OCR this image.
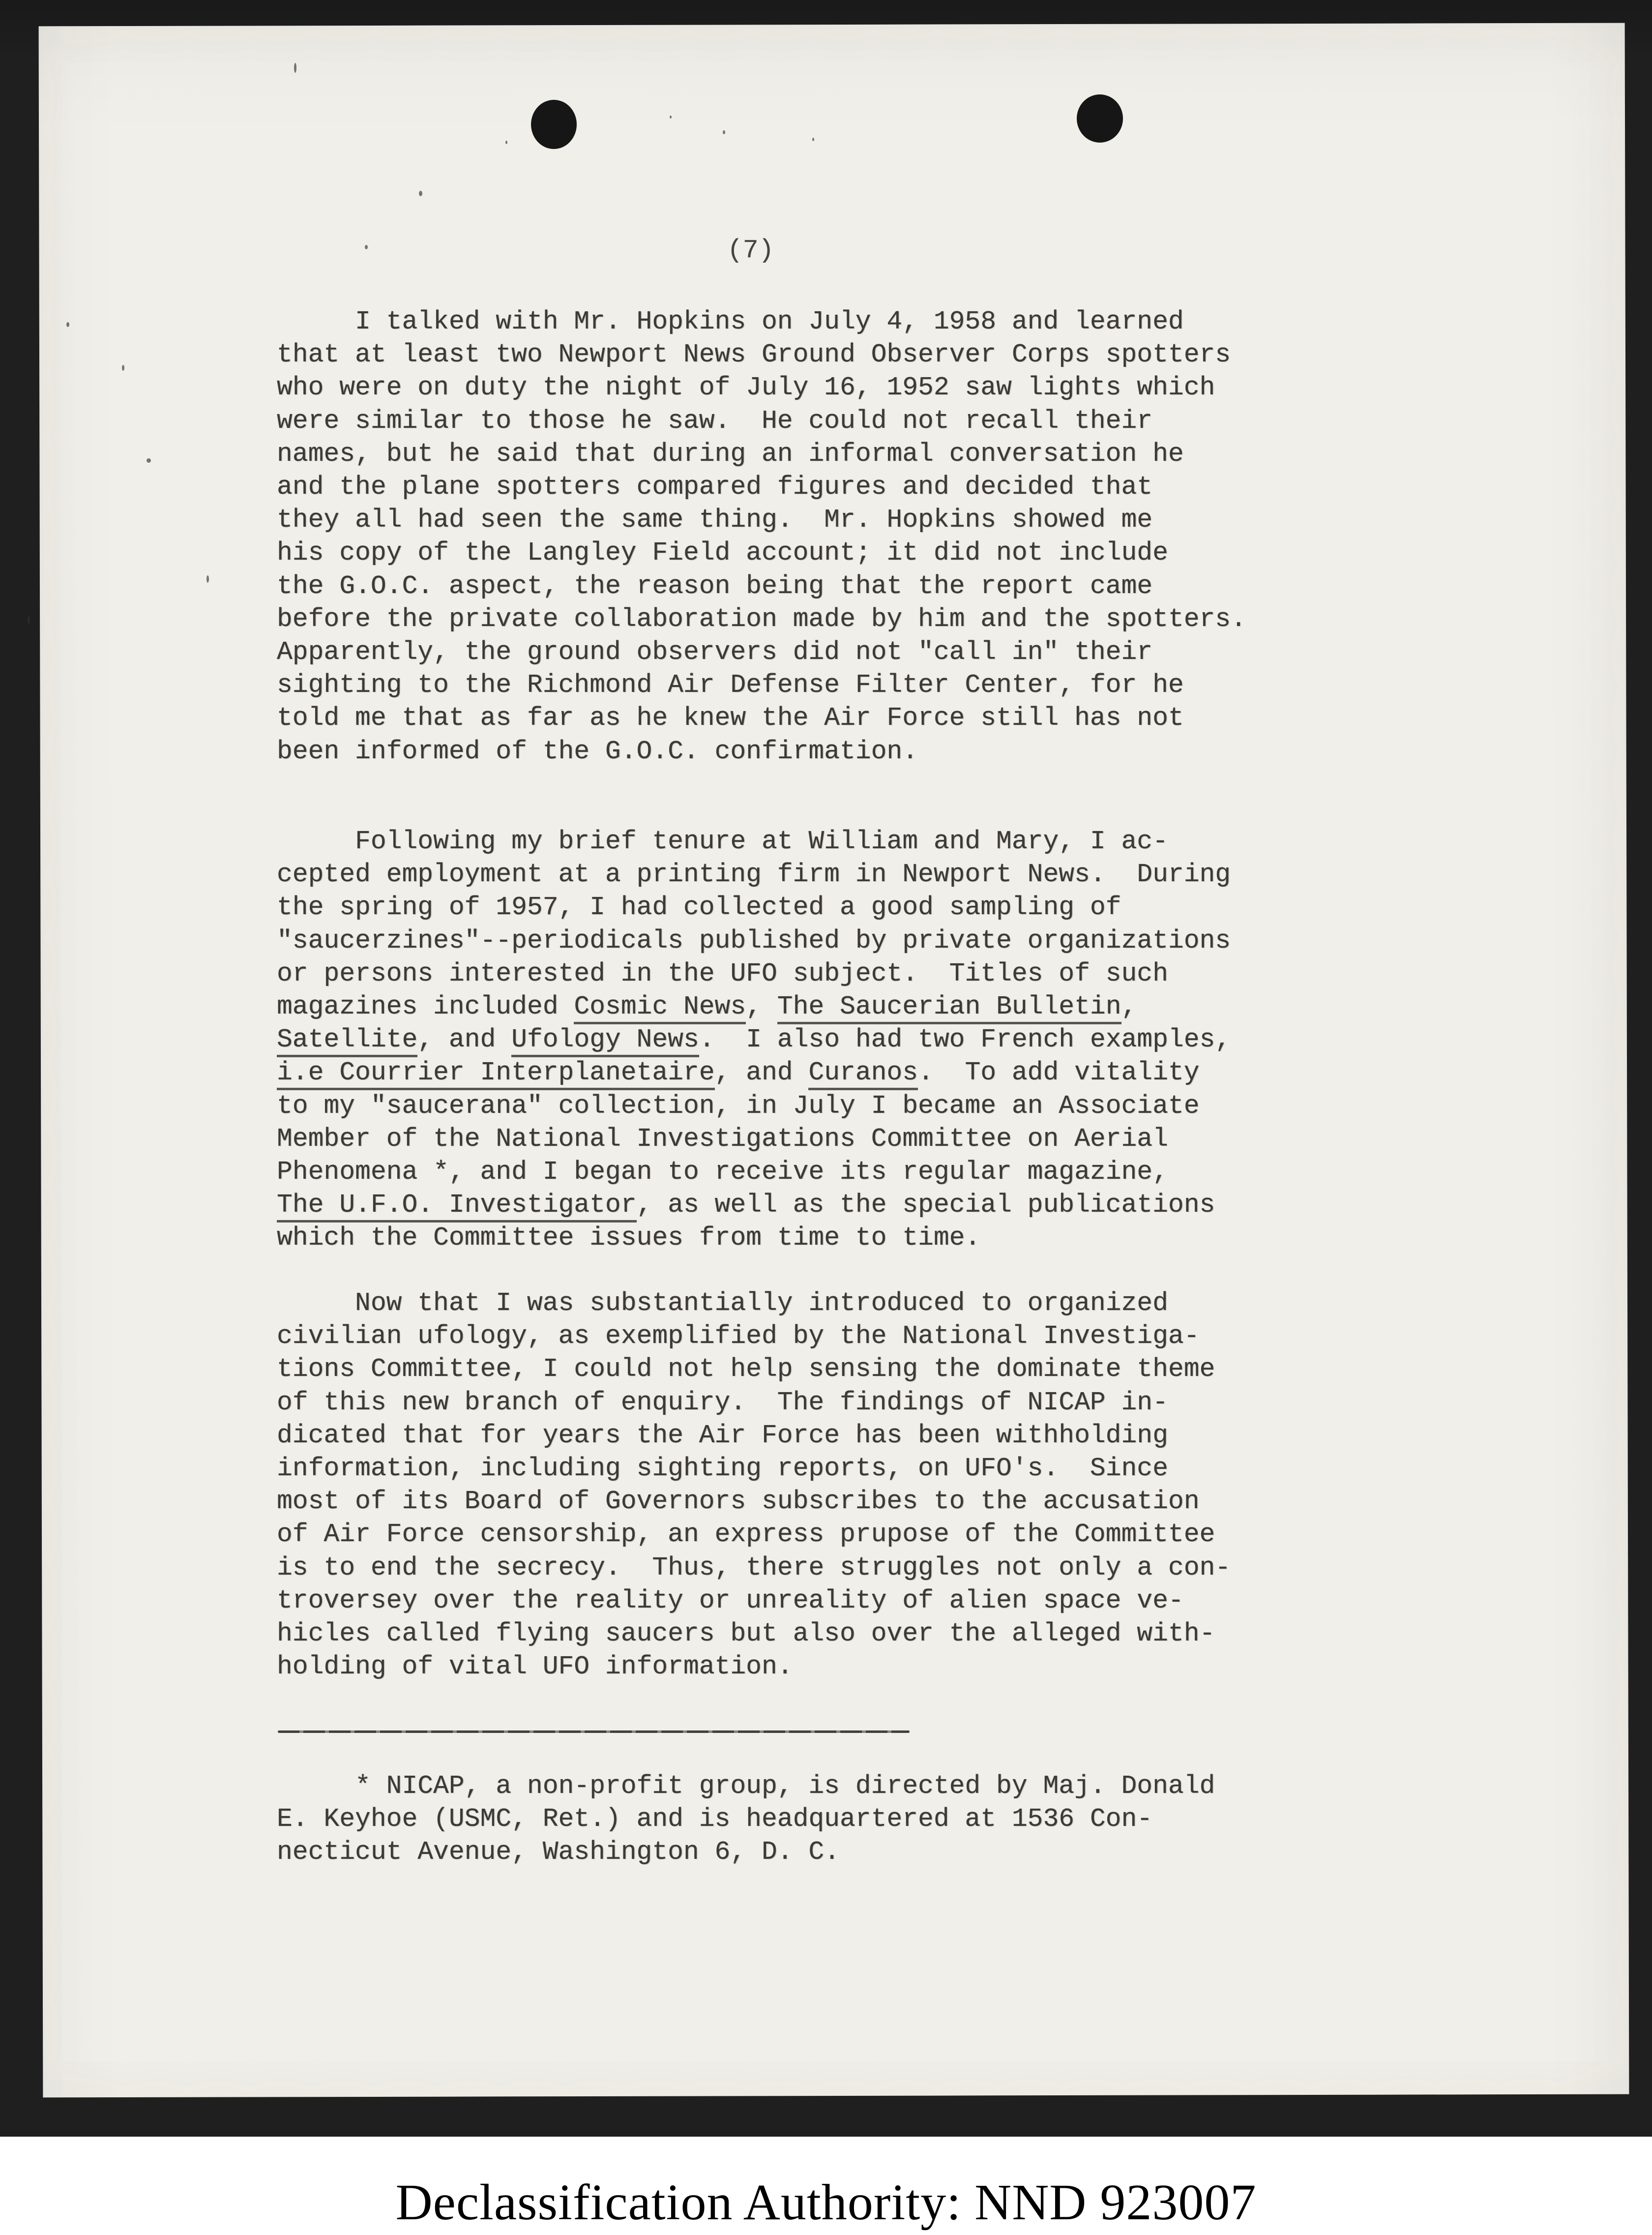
(7)
I talked with Mr. Hopkins on July 4, 1958 and learned
that at least two Newport News Ground Observer Corps spotters
who were on duty the night of July 16, 1952 saw lights which
were similar to those he saw.  He could not recall their
names, but he said that during an informal conversation he
and the plane spotters compared figures and decided that
they all had seen the same thing.  Mr. Hopkins showed me
his copy of the Langley Field account; it did not include
the G.O.C. aspect, the reason being that the report came
before the private collaboration made by him and the spotters.
Apparently, the ground observers did not "call in" their
sighting to the Richmond Air Defense Filter Center, for he
told me that as far as he knew the Air Force still has not
been informed of the G.O.C. confirmation.
Following my brief tenure at William and Mary, I ac-
cepted employment at a printing firm in Newport News.  During
the spring of 1957, I had collected a good sampling of
"saucerzines"--periodicals published by private organizations
or persons interested in the UFO subject.  Titles of such
magazines included Cosmic News, The Saucerian Bulletin,
Satellite, and Ufology News.  I also had two French examples,
i.e Courrier Interplanetaire, and Curanos.  To add vitality
to my "saucerana" collection, in July I became an Associate
Member of the National Investigations Committee on Aerial
Phenomena *, and I began to receive its regular magazine,
The U.F.O. Investigator, as well as the special publications
which the Committee issues from time to time.
Now that I was substantially introduced to organized
civilian ufology, as exemplified by the National Investiga-
tions Committee, I could not help sensing the dominate theme
of this new branch of enquiry.  The findings of NICAP in-
dicated that for years the Air Force has been withholding
information, including sighting reports, on UFO's.  Since
most of its Board of Governors subscribes to the accusation
of Air Force censorship, an express prupose of the Committee
is to end the secrecy.  Thus, there struggles not only a con-
troversey over the reality or unreality of alien space ve-
hicles called flying saucers but also over the alleged with-
holding of vital UFO information.
* NICAP, a non-profit group, is directed by Maj. Donald
E. Keyhoe (USMC, Ret.) and is headquartered at 1536 Con-
necticut Avenue, Washington 6, D. C.
Declassification Authority: NND 923007
